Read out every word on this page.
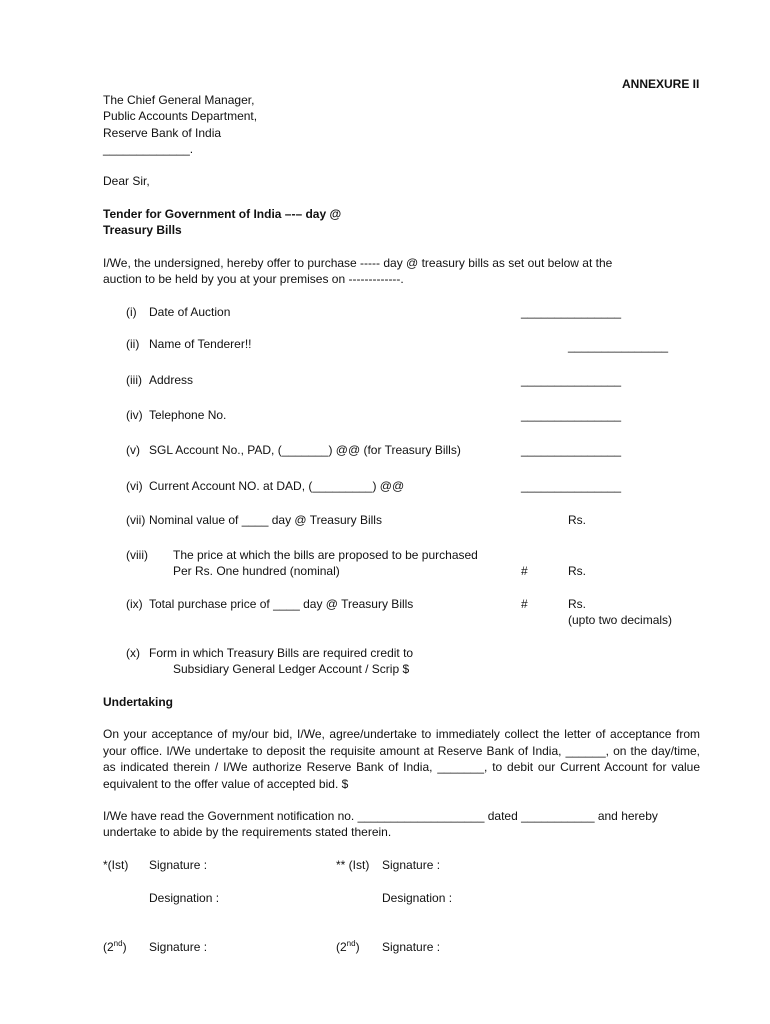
ANNEXURE II
The Chief General Manager,
Public Accounts Department,
Reserve Bank of India
_____________.
Dear Sir,
Tender for Government of India –-– day @
Treasury Bills
I/We, the undersigned, hereby offer to purchase ----- day @ treasury bills as set out below at the
auction to be held by you at your premises on -------------.
(i) Date of Auction	_______________
(ii) Name of Tenderer!!	_______________
(iii) Address	_______________
(iv) Telephone No.	_______________
(v) SGL Account No., PAD, (_______) @@ (for Treasury Bills)	_______________
(vi) Current Account NO. at DAD, (_________) @@	_______________
(vii) Nominal value of ____ day @ Treasury Bills	Rs.
(viii) The price at which the bills are proposed to be purchased
Per Rs. One hundred (nominal)	#	Rs.
(ix) Total purchase price of ____ day @ Treasury Bills	#	Rs.
(upto two decimals)
(x) Form in which Treasury Bills are required credit to
Subsidiary General Ledger Account / Scrip $
Undertaking
On your acceptance of my/our bid, I/We, agree/undertake to immediately collect the letter of acceptance from your office. I/We undertake to deposit the requisite amount at Reserve Bank of India, ______, on the day/time, as indicated therein / I/We authorize Reserve Bank of India, _______, to debit our Current Account for value equivalent to the offer value of accepted bid. $
I/We have read the Government notification no. ___________________ dated ___________ and hereby
undertake to abide by the requirements stated therein.
*(Ist) Signature :	** (Ist) Signature :
Designation :	Designation :
(2nd) Signature :	(2nd) Signature :
